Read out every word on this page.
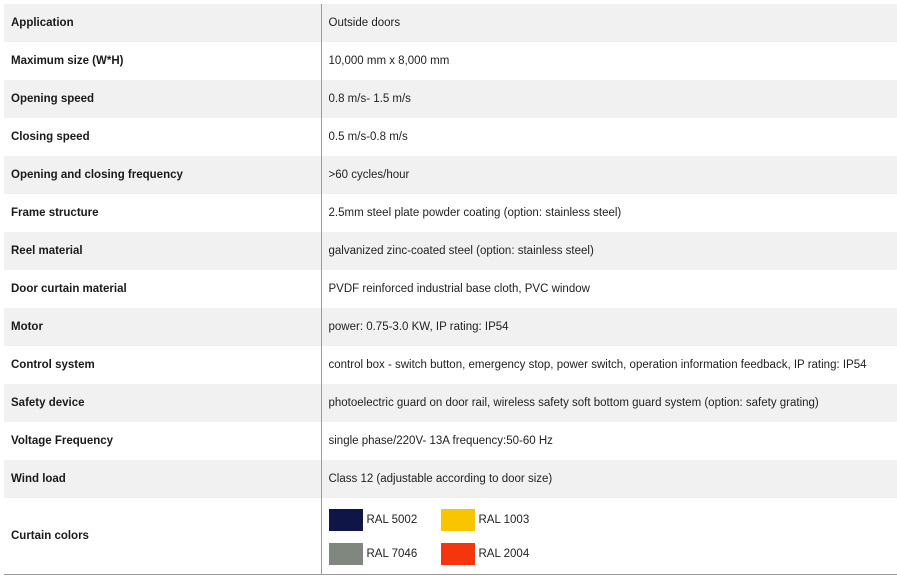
Application	Outside doors
Maximum size (W*H)	10,000 mm x 8,000 mm
Opening speed	0.8 m/s- 1.5 m/s
Closing speed	0.5 m/s-0.8 m/s
Opening and closing frequency	>60 cycles/hour
Frame structure	2.5mm steel plate powder coating (option: stainless steel)
Reel material	galvanized zinc-coated steel (option: stainless steel)
Door curtain material	PVDF reinforced industrial base cloth, PVC window
Motor	power: 0.75-3.0 KW, IP rating: IP54
Control system	control box - switch button, emergency stop, power switch, operation information feedback, IP rating: IP54
Safety device	photoelectric guard on door rail, wireless safety soft bottom guard system (option: safety grating)
Voltage Frequency	single phase/220V- 13A frequency:50-60 Hz
Wind load	Class 12 (adjustable according to door size)
Curtain colors	RAL 5002 RAL 1003
RAL 7046 RAL 2004
